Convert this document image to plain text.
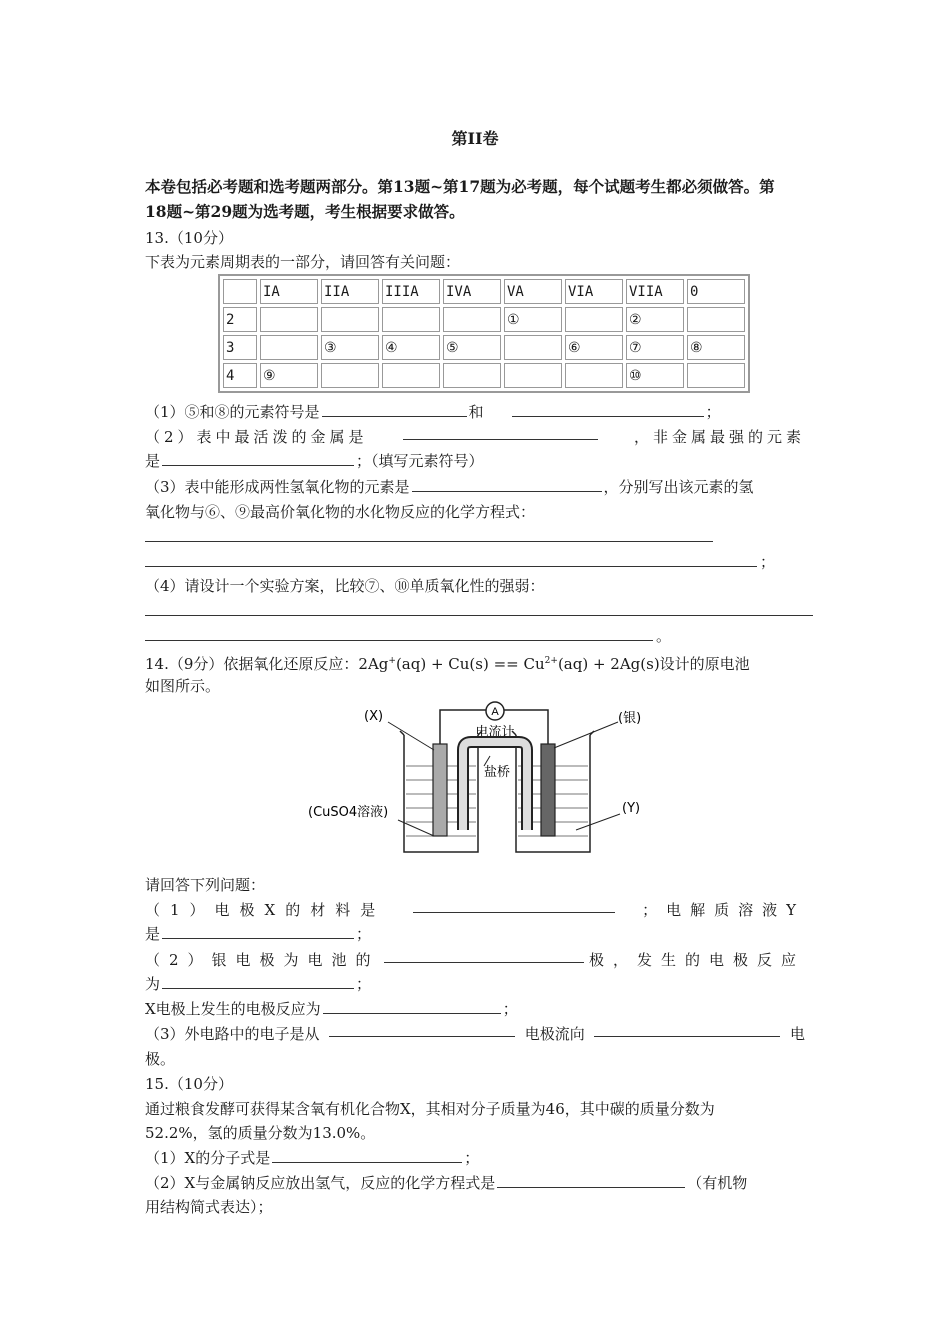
第II卷
本卷包括必考题和选考题两部分。第13题~第17题为必考题，每个试题考生都必须做答。第
18题~第29题为选考题，考生根据要求做答。
13.（10分）
下表为元素周期表的一部分，请回答有关问题：
	IA	IIA	IIIA	IVA	VA	VIA	VIIA	0
2					①		②	
3		③	④	⑤		⑥	⑦	⑧
4	⑨						⑩	
（1）⑤和⑧的元素符号是	和	；
（2）表中最活泼的金属是	，非金属最强的元素
是	；（填写元素符号）
（3）表中能形成两性氢氧化物的元素是	，分别写出该元素的氢
氧化物与⑥、⑨最高价氧化物的水化物反应的化学方程式：
；
（4）请设计一个实验方案，比较⑦、⑩单质氧化性的强弱：
。
14.（9分）依据氧化还原反应：$2Ag^+(aq) + Cu(s) == Cu^{2+}(aq) + 2Ag(s)$设计的原电池
如图所示。
A
电流计
盐桥
(X)	(银)
(CuSO4溶液)	(Y)
请回答下列问题：
（1）电极X的材料是	；电解质溶液Y
是	；
（2）银电极为电池的	极，发生的电极反应
为	；
X电极上发生的电极反应为	；
（3）外电路中的电子是从	电极流向	电
极。
15.（10分）
通过粮食发酵可获得某含氧有机化合物X，其相对分子质量为46，其中碳的质量分数为
52.2%，氢的质量分数为13.0%。
（1）X的分子式是	；
（2）X与金属钠反应放出氢气，反应的化学方程式是	（有机物
用结构简式表达）；
